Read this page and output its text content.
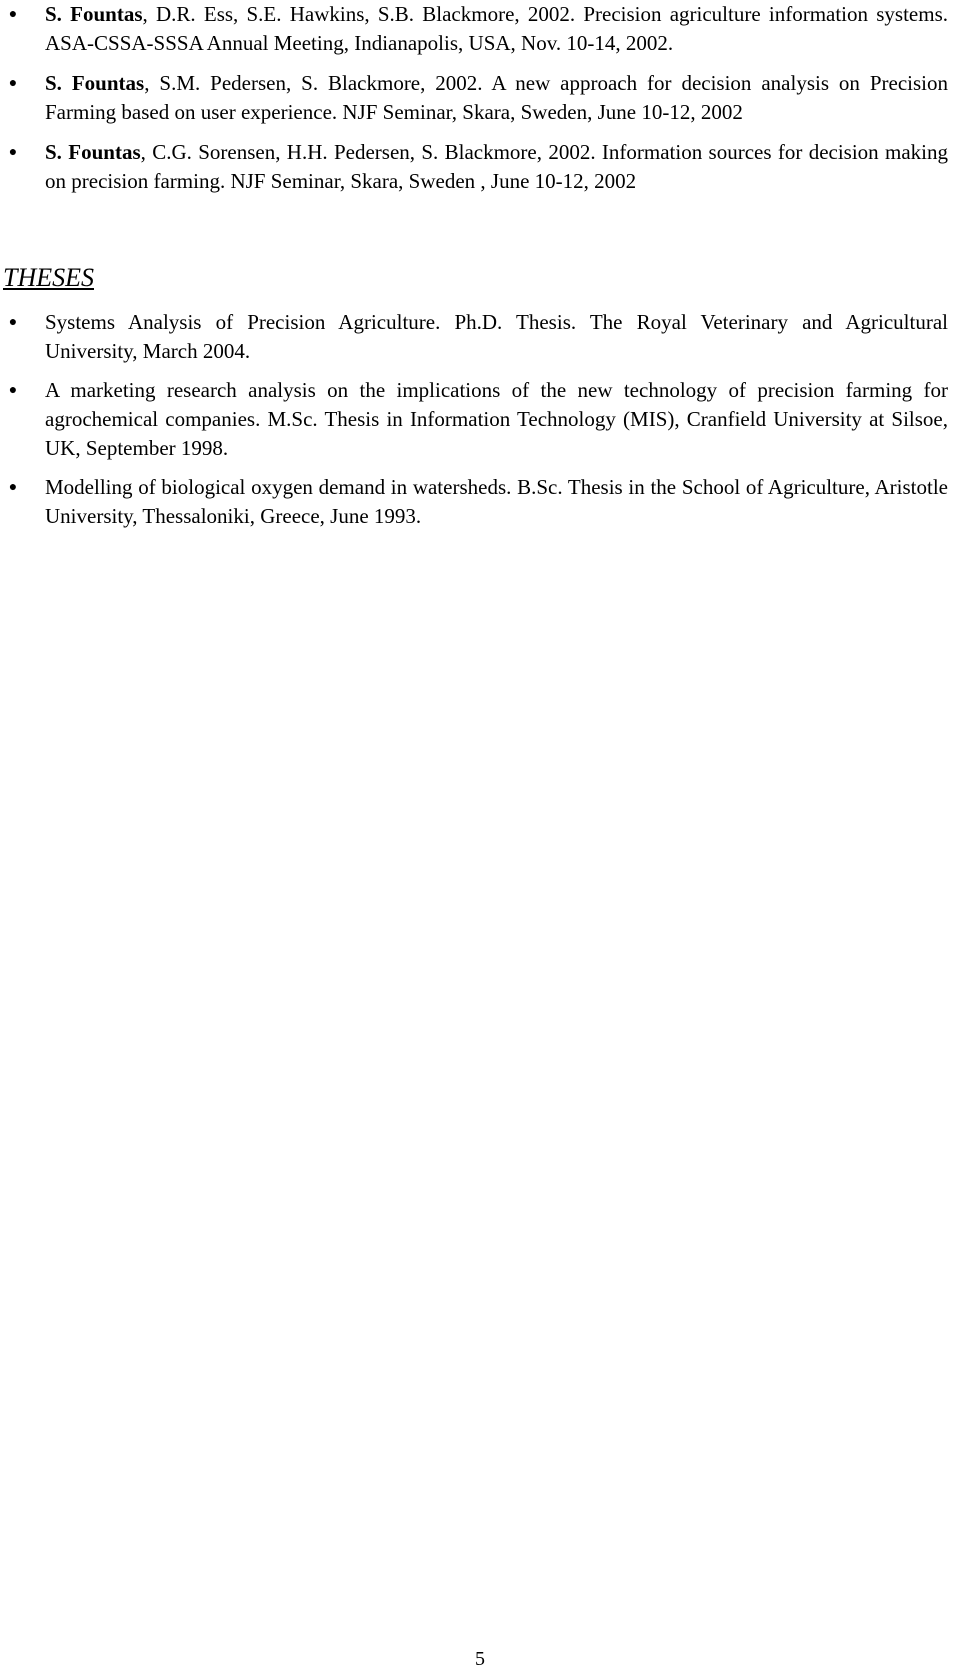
● S. Fountas, D.R. Ess, S.E. Hawkins, S.B. Blackmore, 2002. Precision agriculture information systems. ASA-CSSA-SSSA Annual Meeting, Indianapolis, USA, Nov. 10-14, 2002.
● S. Fountas, S.M. Pedersen, S. Blackmore, 2002. A new approach for decision analysis on Precision Farming based on user experience. NJF Seminar, Skara, Sweden, June 10-12, 2002
● S. Fountas, C.G. Sorensen, H.H. Pedersen, S. Blackmore, 2002. Information sources for decision making on precision farming. NJF Seminar, Skara, Sweden , June 10-12, 2002
THESES
● Systems Analysis of Precision Agriculture. Ph.D. Thesis. The Royal Veterinary and Agricultural University, March 2004.
● A marketing research analysis on the implications of the new technology of precision farming for agrochemical companies. M.Sc. Thesis in Information Technology (MIS), Cranfield University at Silsoe, UK, September 1998.
● Modelling of biological oxygen demand in watersheds. B.Sc. Thesis in the School of Agriculture, Aristotle University, Thessaloniki, Greece, June 1993.
5
